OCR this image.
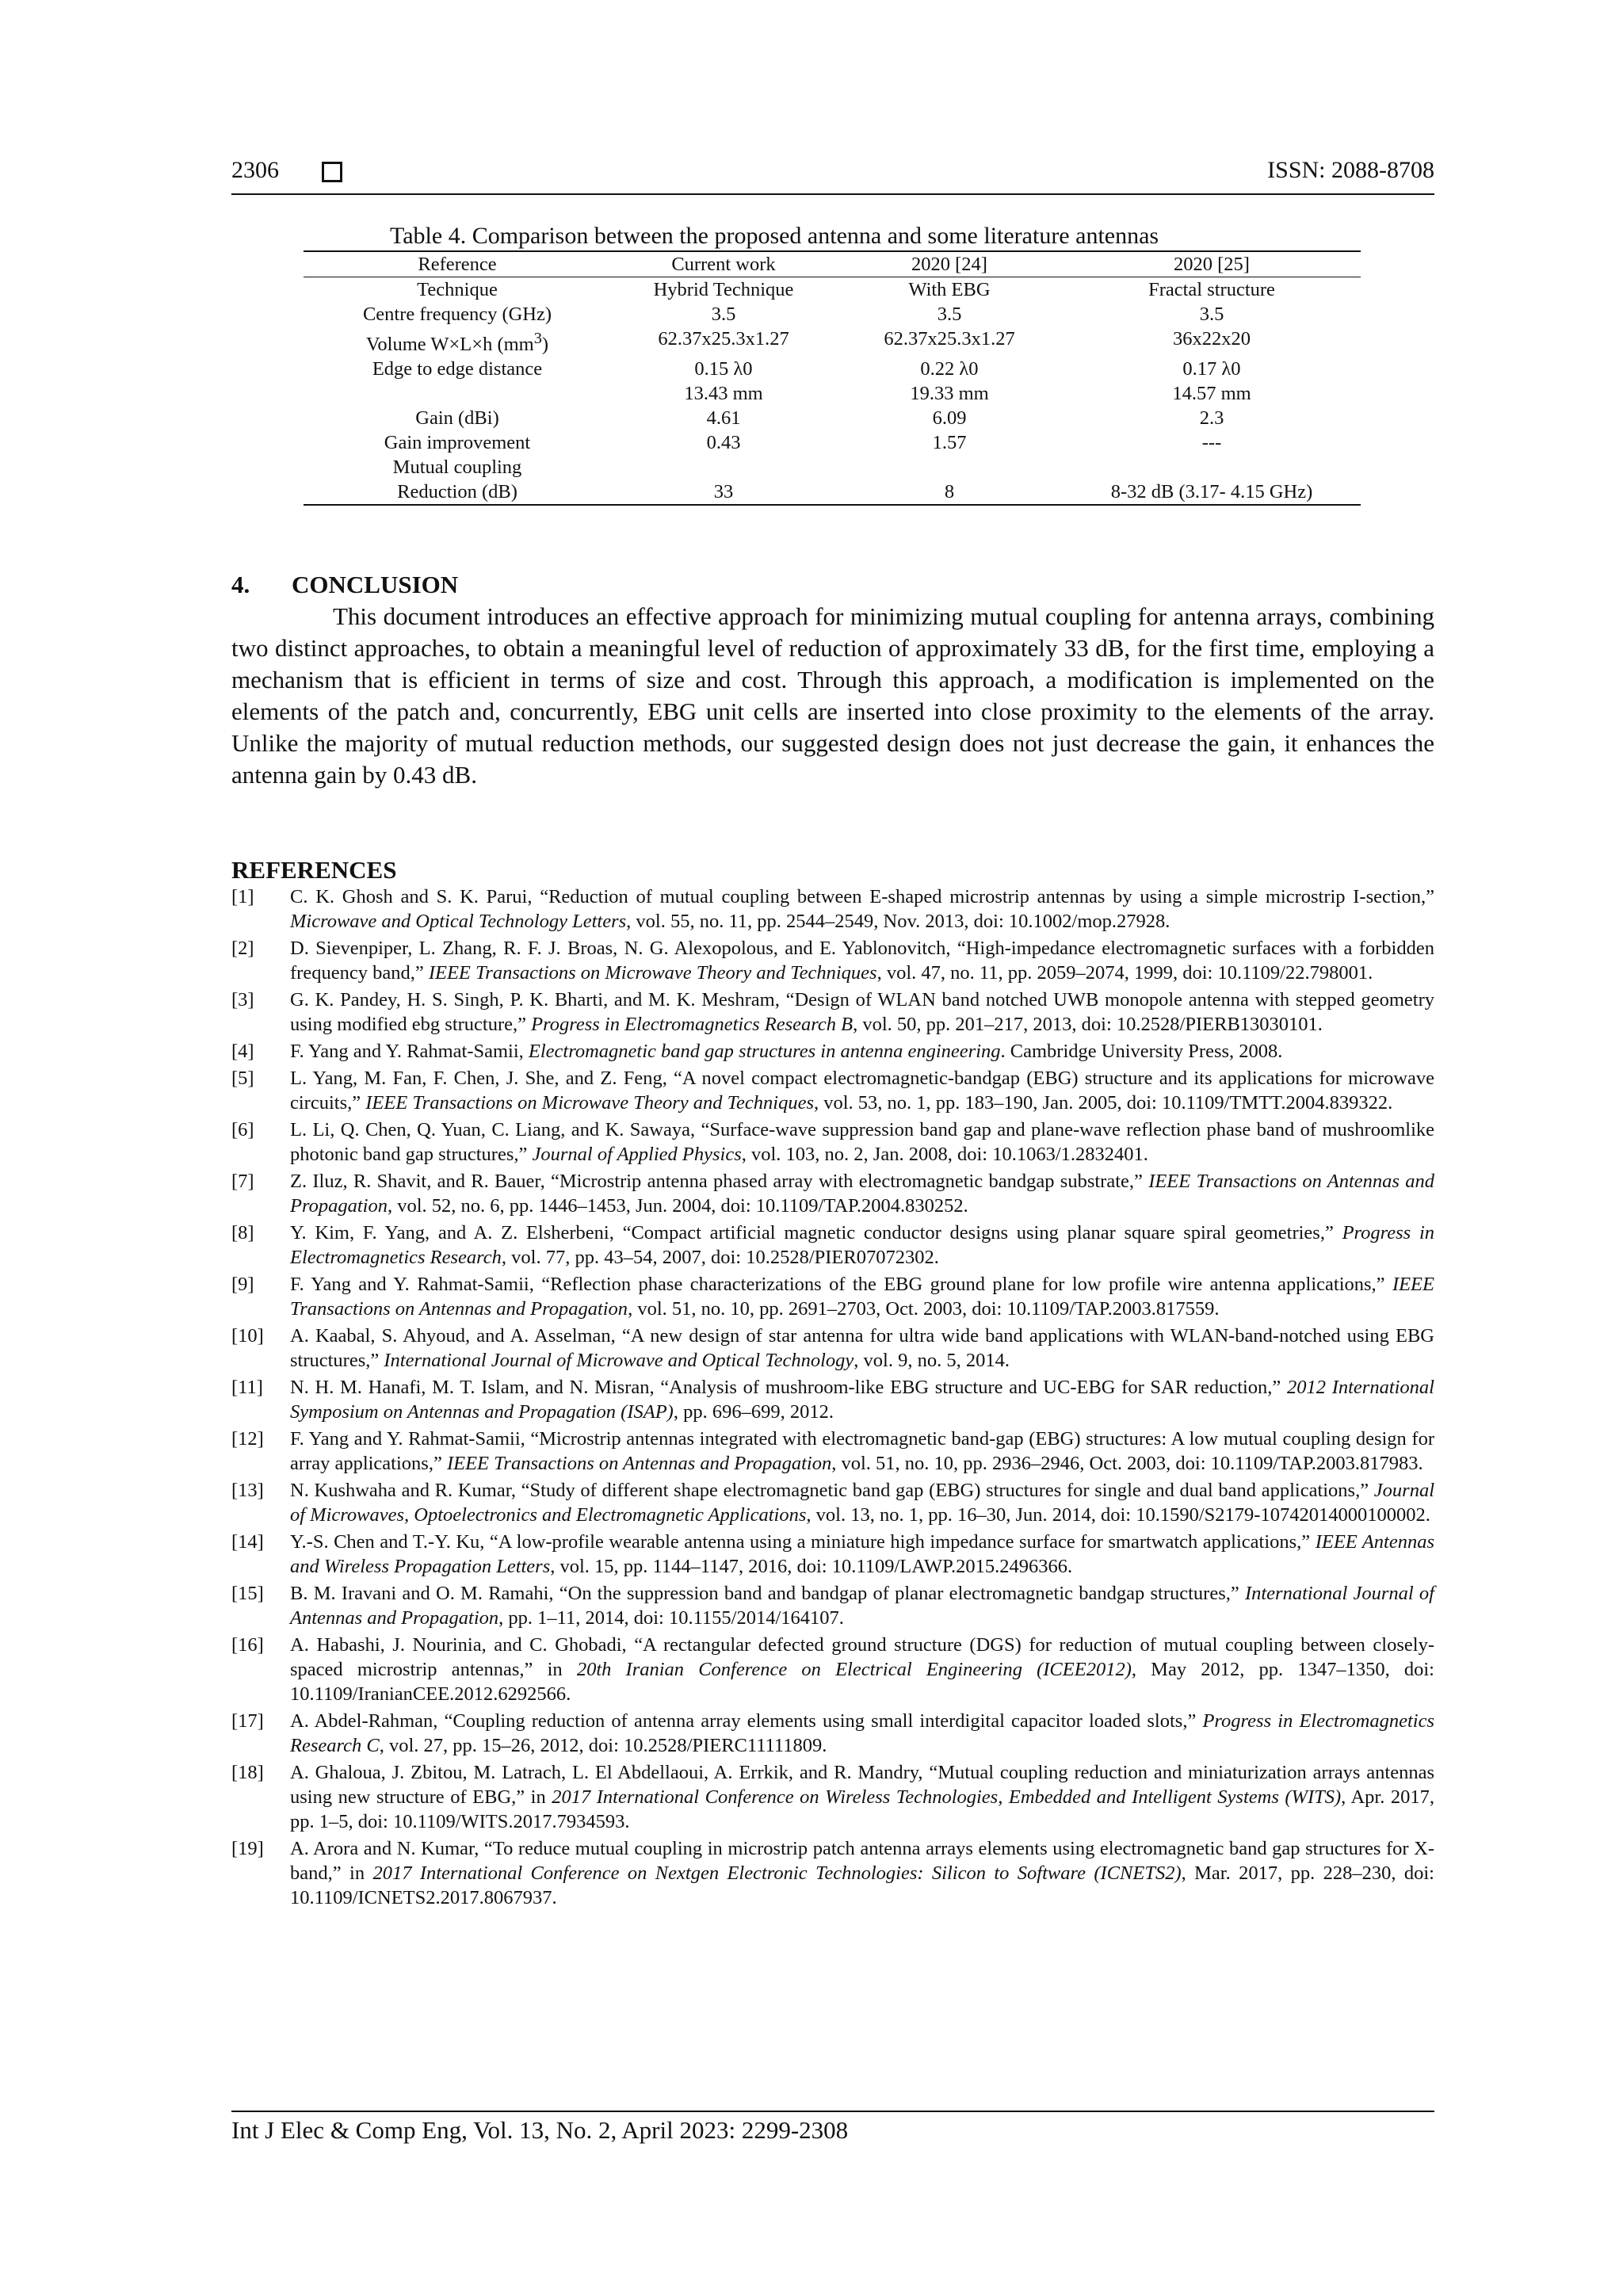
2306	ISSN: 2088-8708
Table 4. Comparison between the proposed antenna and some literature antennas
Reference	Current work	2020 [24]	2020 [25]
Technique	Hybrid Technique	With EBG	Fractal structure
Centre frequency (GHz)	3.5	3.5	3.5
Volume W×L×h $(mm^3)$	62.37x25.3x1.27	62.37x25.3x1.27	36x22x20
Edge to edge distance	0.15 λ0	0.22 λ0	0.17 λ0
	13.43 mm	19.33 mm	14.57 mm
Gain (dBi)	4.61	6.09	2.3
Gain improvement	0.43	1.57	---
Mutual coupling			
Reduction (dB)	33	8	8-32 dB (3.17- 4.15 GHz)
4. CONCLUSION
This document introduces an effective approach for minimizing mutual coupling for antenna arrays, combining two distinct approaches, to obtain a meaningful level of reduction of approximately 33 dB, for the first time, employing a mechanism that is efficient in terms of size and cost. Through this approach, a modification is implemented on the elements of the patch and, concurrently, EBG unit cells are inserted into close proximity to the elements of the array. Unlike the majority of mutual reduction methods, our suggested design does not just decrease the gain, it enhances the antenna gain by 0.43 dB.
REFERENCES
[1]	C. K. Ghosh and S. K. Parui, “Reduction of mutual coupling between E-shaped microstrip antennas by using a simple microstrip I-section,” Microwave and Optical Technology Letters, vol. 55, no. 11, pp. 2544–2549, Nov. 2013, doi: 10.1002/mop.27928.
[2]	D. Sievenpiper, L. Zhang, R. F. J. Broas, N. G. Alexopolous, and E. Yablonovitch, “High-impedance electromagnetic surfaces with a forbidden frequency band,” IEEE Transactions on Microwave Theory and Techniques, vol. 47, no. 11, pp. 2059–2074, 1999, doi: 10.1109/22.798001.
[3]	G. K. Pandey, H. S. Singh, P. K. Bharti, and M. K. Meshram, “Design of WLAN band notched UWB monopole antenna with stepped geometry using modified ebg structure,” Progress in Electromagnetics Research B, vol. 50, pp. 201–217, 2013, doi: 10.2528/PIERB13030101.
[4]	F. Yang and Y. Rahmat-Samii, Electromagnetic band gap structures in antenna engineering. Cambridge University Press, 2008.
[5]	L. Yang, M. Fan, F. Chen, J. She, and Z. Feng, “A novel compact electromagnetic-bandgap (EBG) structure and its applications for microwave circuits,” IEEE Transactions on Microwave Theory and Techniques, vol. 53, no. 1, pp. 183–190, Jan. 2005, doi: 10.1109/TMTT.2004.839322.
[6]	L. Li, Q. Chen, Q. Yuan, C. Liang, and K. Sawaya, “Surface-wave suppression band gap and plane-wave reflection phase band of mushroomlike photonic band gap structures,” Journal of Applied Physics, vol. 103, no. 2, Jan. 2008, doi: 10.1063/1.2832401.
[7]	Z. Iluz, R. Shavit, and R. Bauer, “Microstrip antenna phased array with electromagnetic bandgap substrate,” IEEE Transactions on Antennas and Propagation, vol. 52, no. 6, pp. 1446–1453, Jun. 2004, doi: 10.1109/TAP.2004.830252.
[8]	Y. Kim, F. Yang, and A. Z. Elsherbeni, “Compact artificial magnetic conductor designs using planar square spiral geometries,” Progress in Electromagnetics Research, vol. 77, pp. 43–54, 2007, doi: 10.2528/PIER07072302.
[9]	F. Yang and Y. Rahmat-Samii, “Reflection phase characterizations of the EBG ground plane for low profile wire antenna applications,” IEEE Transactions on Antennas and Propagation, vol. 51, no. 10, pp. 2691–2703, Oct. 2003, doi: 10.1109/TAP.2003.817559.
[10]	A. Kaabal, S. Ahyoud, and A. Asselman, “A new design of star antenna for ultra wide band applications with WLAN-band-notched using EBG structures,” International Journal of Microwave and Optical Technology, vol. 9, no. 5, 2014.
[11]	N. H. M. Hanafi, M. T. Islam, and N. Misran, “Analysis of mushroom-like EBG structure and UC-EBG for SAR reduction,” 2012 International Symposium on Antennas and Propagation (ISAP), pp. 696–699, 2012.
[12]	F. Yang and Y. Rahmat-Samii, “Microstrip antennas integrated with electromagnetic band-gap (EBG) structures: A low mutual coupling design for array applications,” IEEE Transactions on Antennas and Propagation, vol. 51, no. 10, pp. 2936–2946, Oct. 2003, doi: 10.1109/TAP.2003.817983.
[13]	N. Kushwaha and R. Kumar, “Study of different shape electromagnetic band gap (EBG) structures for single and dual band applications,” Journal of Microwaves, Optoelectronics and Electromagnetic Applications, vol. 13, no. 1, pp. 16–30, Jun. 2014, doi: 10.1590/S2179-10742014000100002.
[14]	Y.-S. Chen and T.-Y. Ku, “A low-profile wearable antenna using a miniature high impedance surface for smartwatch applications,” IEEE Antennas and Wireless Propagation Letters, vol. 15, pp. 1144–1147, 2016, doi: 10.1109/LAWP.2015.2496366.
[15]	B. M. Iravani and O. M. Ramahi, “On the suppression band and bandgap of planar electromagnetic bandgap structures,” International Journal of Antennas and Propagation, pp. 1–11, 2014, doi: 10.1155/2014/164107.
[16]	A. Habashi, J. Nourinia, and C. Ghobadi, “A rectangular defected ground structure (DGS) for reduction of mutual coupling between closely-spaced microstrip antennas,” in 20th Iranian Conference on Electrical Engineering (ICEE2012), May 2012, pp. 1347–1350, doi: 10.1109/IranianCEE.2012.6292566.
[17]	A. Abdel-Rahman, “Coupling reduction of antenna array elements using small interdigital capacitor loaded slots,” Progress in Electromagnetics Research C, vol. 27, pp. 15–26, 2012, doi: 10.2528/PIERC11111809.
[18]	A. Ghaloua, J. Zbitou, M. Latrach, L. El Abdellaoui, A. Errkik, and R. Mandry, “Mutual coupling reduction and miniaturization arrays antennas using new structure of EBG,” in 2017 International Conference on Wireless Technologies, Embedded and Intelligent Systems (WITS), Apr. 2017, pp. 1–5, doi: 10.1109/WITS.2017.7934593.
[19]	A. Arora and N. Kumar, “To reduce mutual coupling in microstrip patch antenna arrays elements using electromagnetic band gap structures for X-band,” in 2017 International Conference on Nextgen Electronic Technologies: Silicon to Software (ICNETS2), Mar. 2017, pp. 228–230, doi: 10.1109/ICNETS2.2017.8067937.
Int J Elec & Comp Eng, Vol. 13, No. 2, April 2023: 2299-2308
